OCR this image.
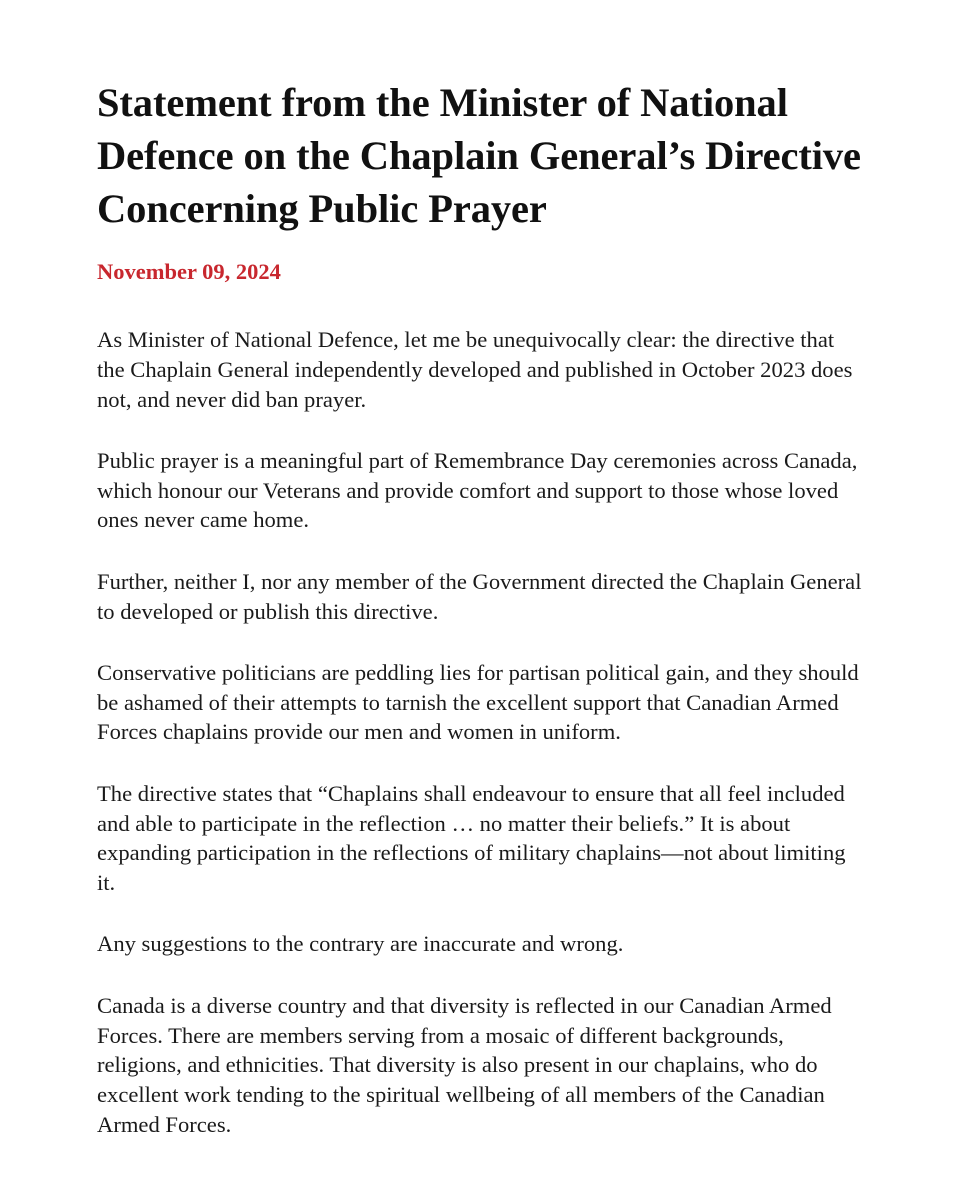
Statement from the Minister of National Defence on the Chaplain General’s Directive Concerning Public Prayer
November 09, 2024

As Minister of National Defence, let me be unequivocally clear: the directive that the Chaplain General independently developed and published in October 2023 does not, and never did ban prayer.

Public prayer is a meaningful part of Remembrance Day ceremonies across Canada, which honour our Veterans and provide comfort and support to those whose loved ones never came home.

Further, neither I, nor any member of the Government directed the Chaplain General to developed or publish this directive.

Conservative politicians are peddling lies for partisan political gain, and they should be ashamed of their attempts to tarnish the excellent support that Canadian Armed Forces chaplains provide our men and women in uniform.

The directive states that “Chaplains shall endeavour to ensure that all feel included and able to participate in the reflection … no matter their beliefs.” It is about expanding participation in the reflections of military chaplains—not about limiting it.

Any suggestions to the contrary are inaccurate and wrong.

Canada is a diverse country and that diversity is reflected in our Canadian Armed Forces. There are members serving from a mosaic of different backgrounds, religions, and ethnicities. That diversity is also present in our chaplains, who do excellent work tending to the spiritual wellbeing of all members of the Canadian Armed Forces.
